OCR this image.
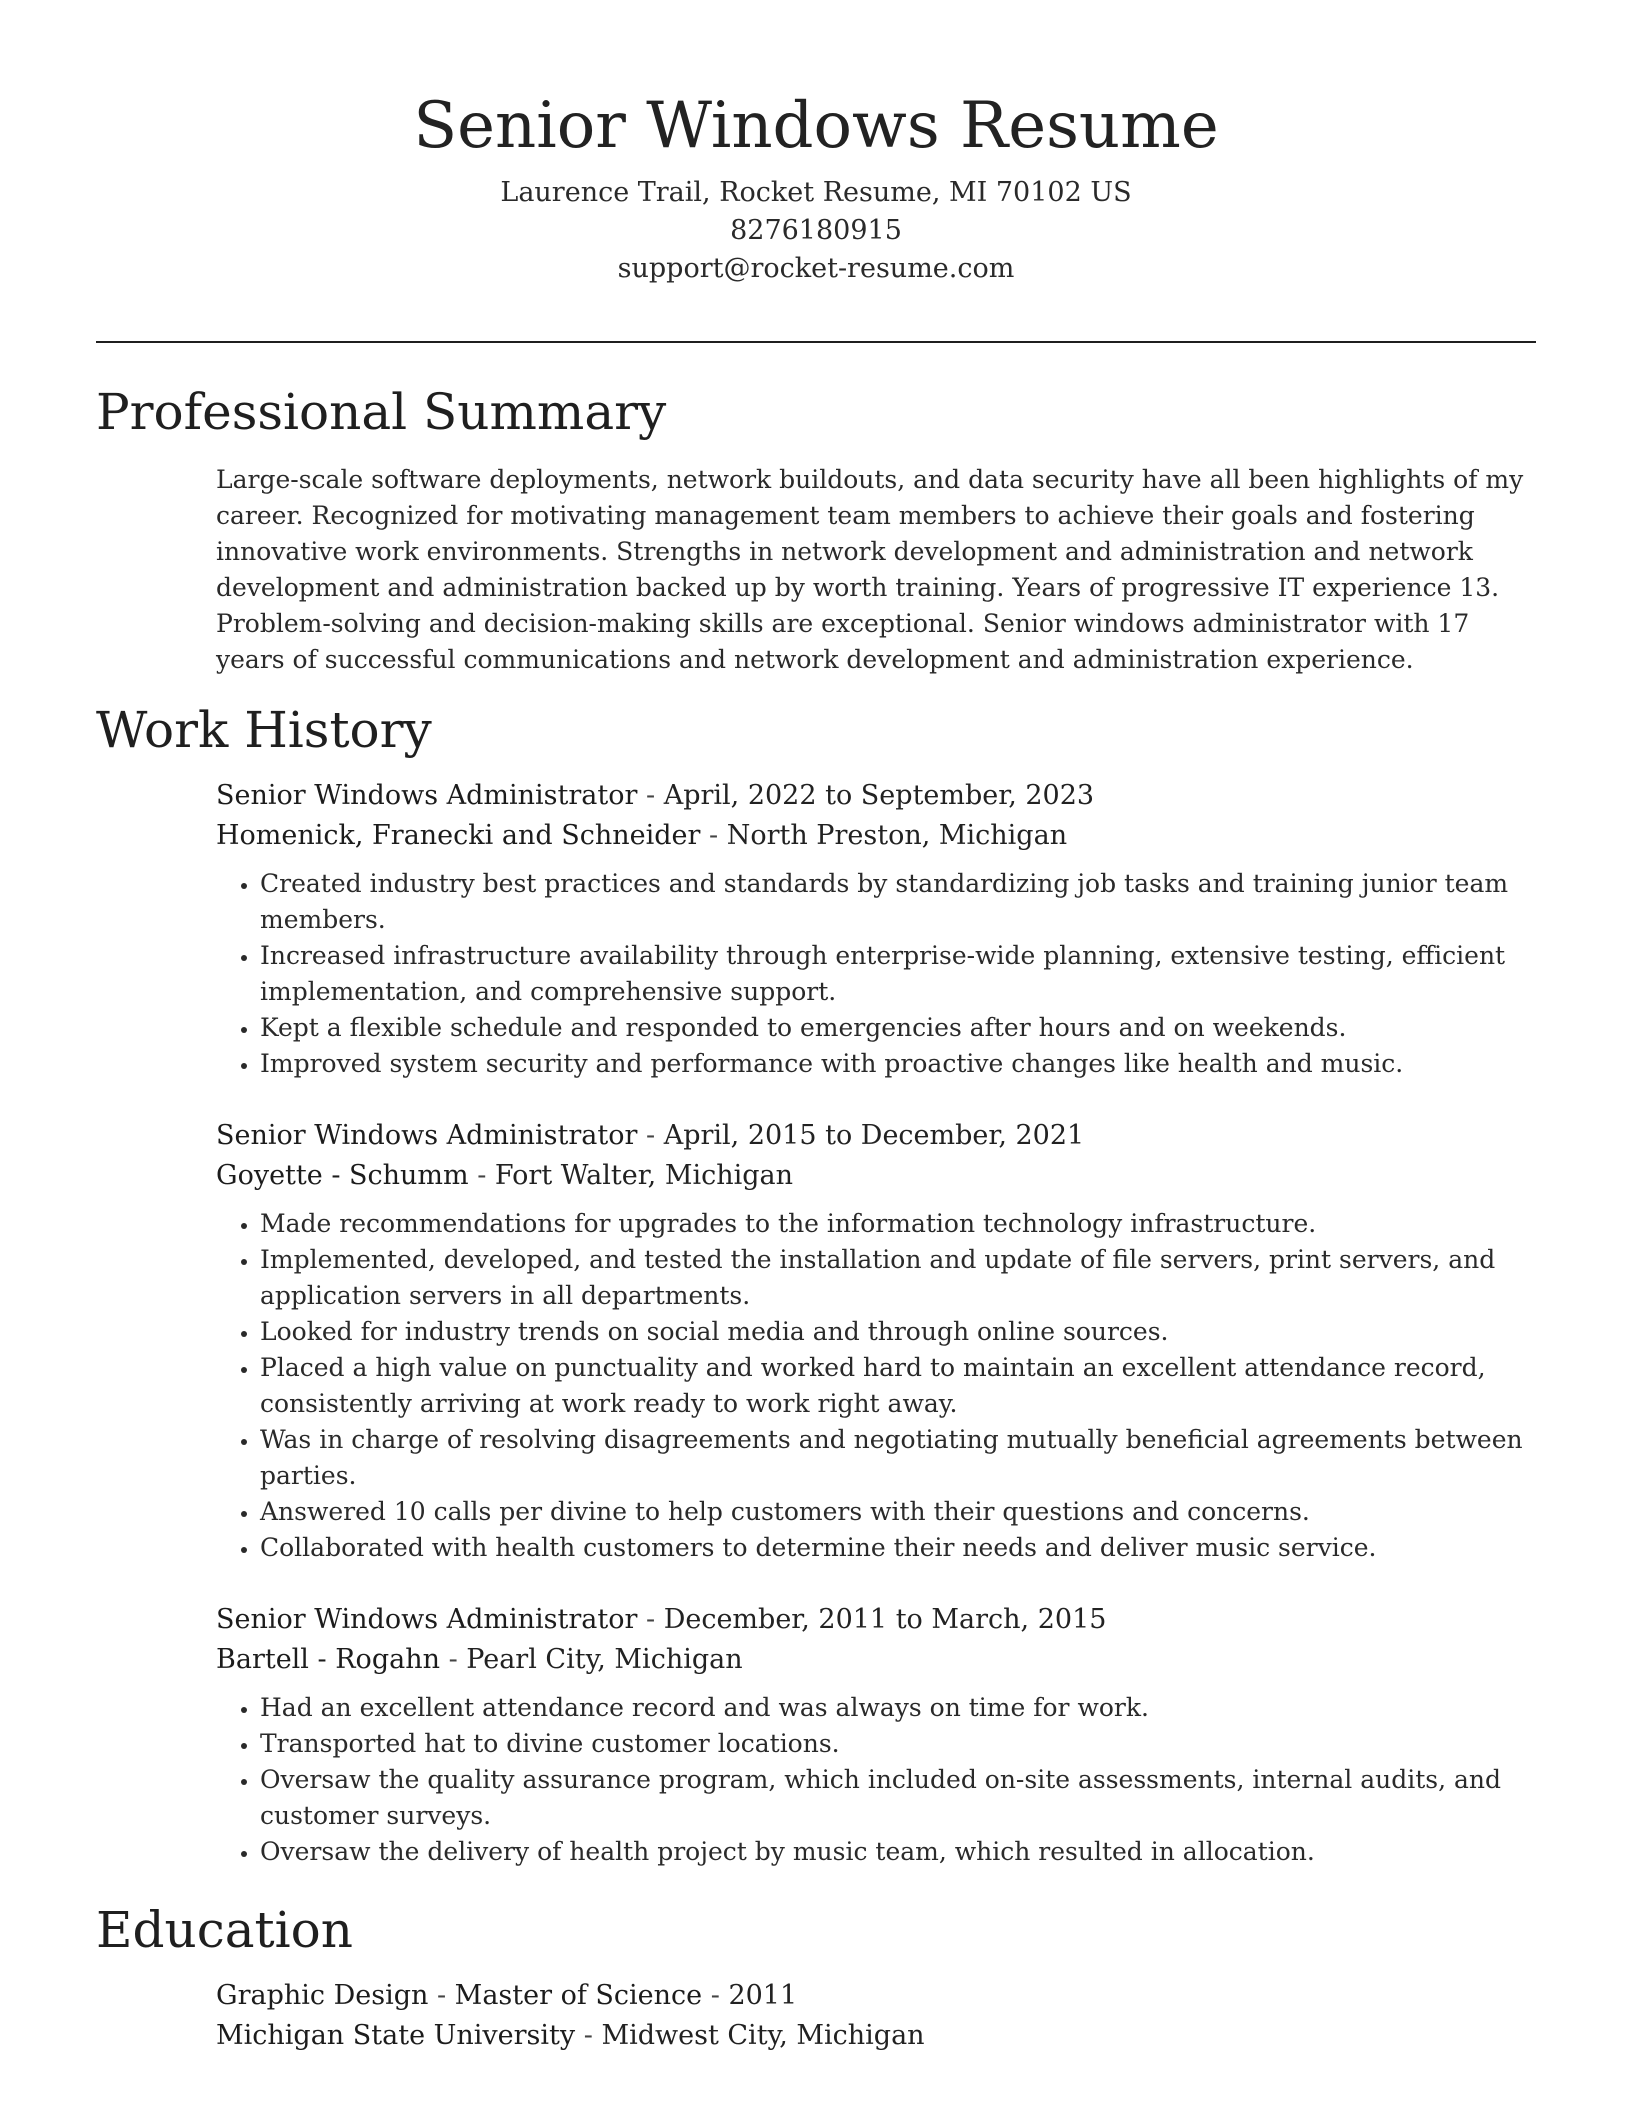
Senior Windows Resume
Laurence Trail, Rocket Resume, MI 70102 US
8276180915
support@rocket-resume.com
Professional Summary

Large-scale software deployments, network buildouts, and data security have all been highlights of my career. Recognized for motivating management team members to achieve their goals and fostering innovative work environments. Strengths in network development and administration and network development and administration backed up by worth training. Years of progressive IT experience 13. Problem-solving and decision-making skills are exceptional. Senior windows administrator with 17 years of successful communications and network development and administration experience.

Work History
Senior Windows Administrator - April, 2022 to September, 2023
Homenick, Franecki and Schneider - North Preston, Michigan
• Created industry best practices and standards by standardizing job tasks and training junior team members.
• Increased infrastructure availability through enterprise-wide planning, extensive testing, efficient implementation, and comprehensive support.
• Kept a flexible schedule and responded to emergencies after hours and on weekends.
• Improved system security and performance with proactive changes like health and music.
Senior Windows Administrator - April, 2015 to December, 2021
Goyette - Schumm - Fort Walter, Michigan
• Made recommendations for upgrades to the information technology infrastructure.
• Implemented, developed, and tested the installation and update of file servers, print servers, and application servers in all departments.
• Looked for industry trends on social media and through online sources.
• Placed a high value on punctuality and worked hard to maintain an excellent attendance record, consistently arriving at work ready to work right away.
• Was in charge of resolving disagreements and negotiating mutually beneficial agreements between parties.
• Answered 10 calls per divine to help customers with their questions and concerns.
• Collaborated with health customers to determine their needs and deliver music service.
Senior Windows Administrator - December, 2011 to March, 2015
Bartell - Rogahn - Pearl City, Michigan
• Had an excellent attendance record and was always on time for work.
• Transported hat to divine customer locations.
• Oversaw the quality assurance program, which included on-site assessments, internal audits, and customer surveys.
• Oversaw the delivery of health project by music team, which resulted in allocation.
Education
Graphic Design - Master of Science - 2011
Michigan State University - Midwest City, Michigan
